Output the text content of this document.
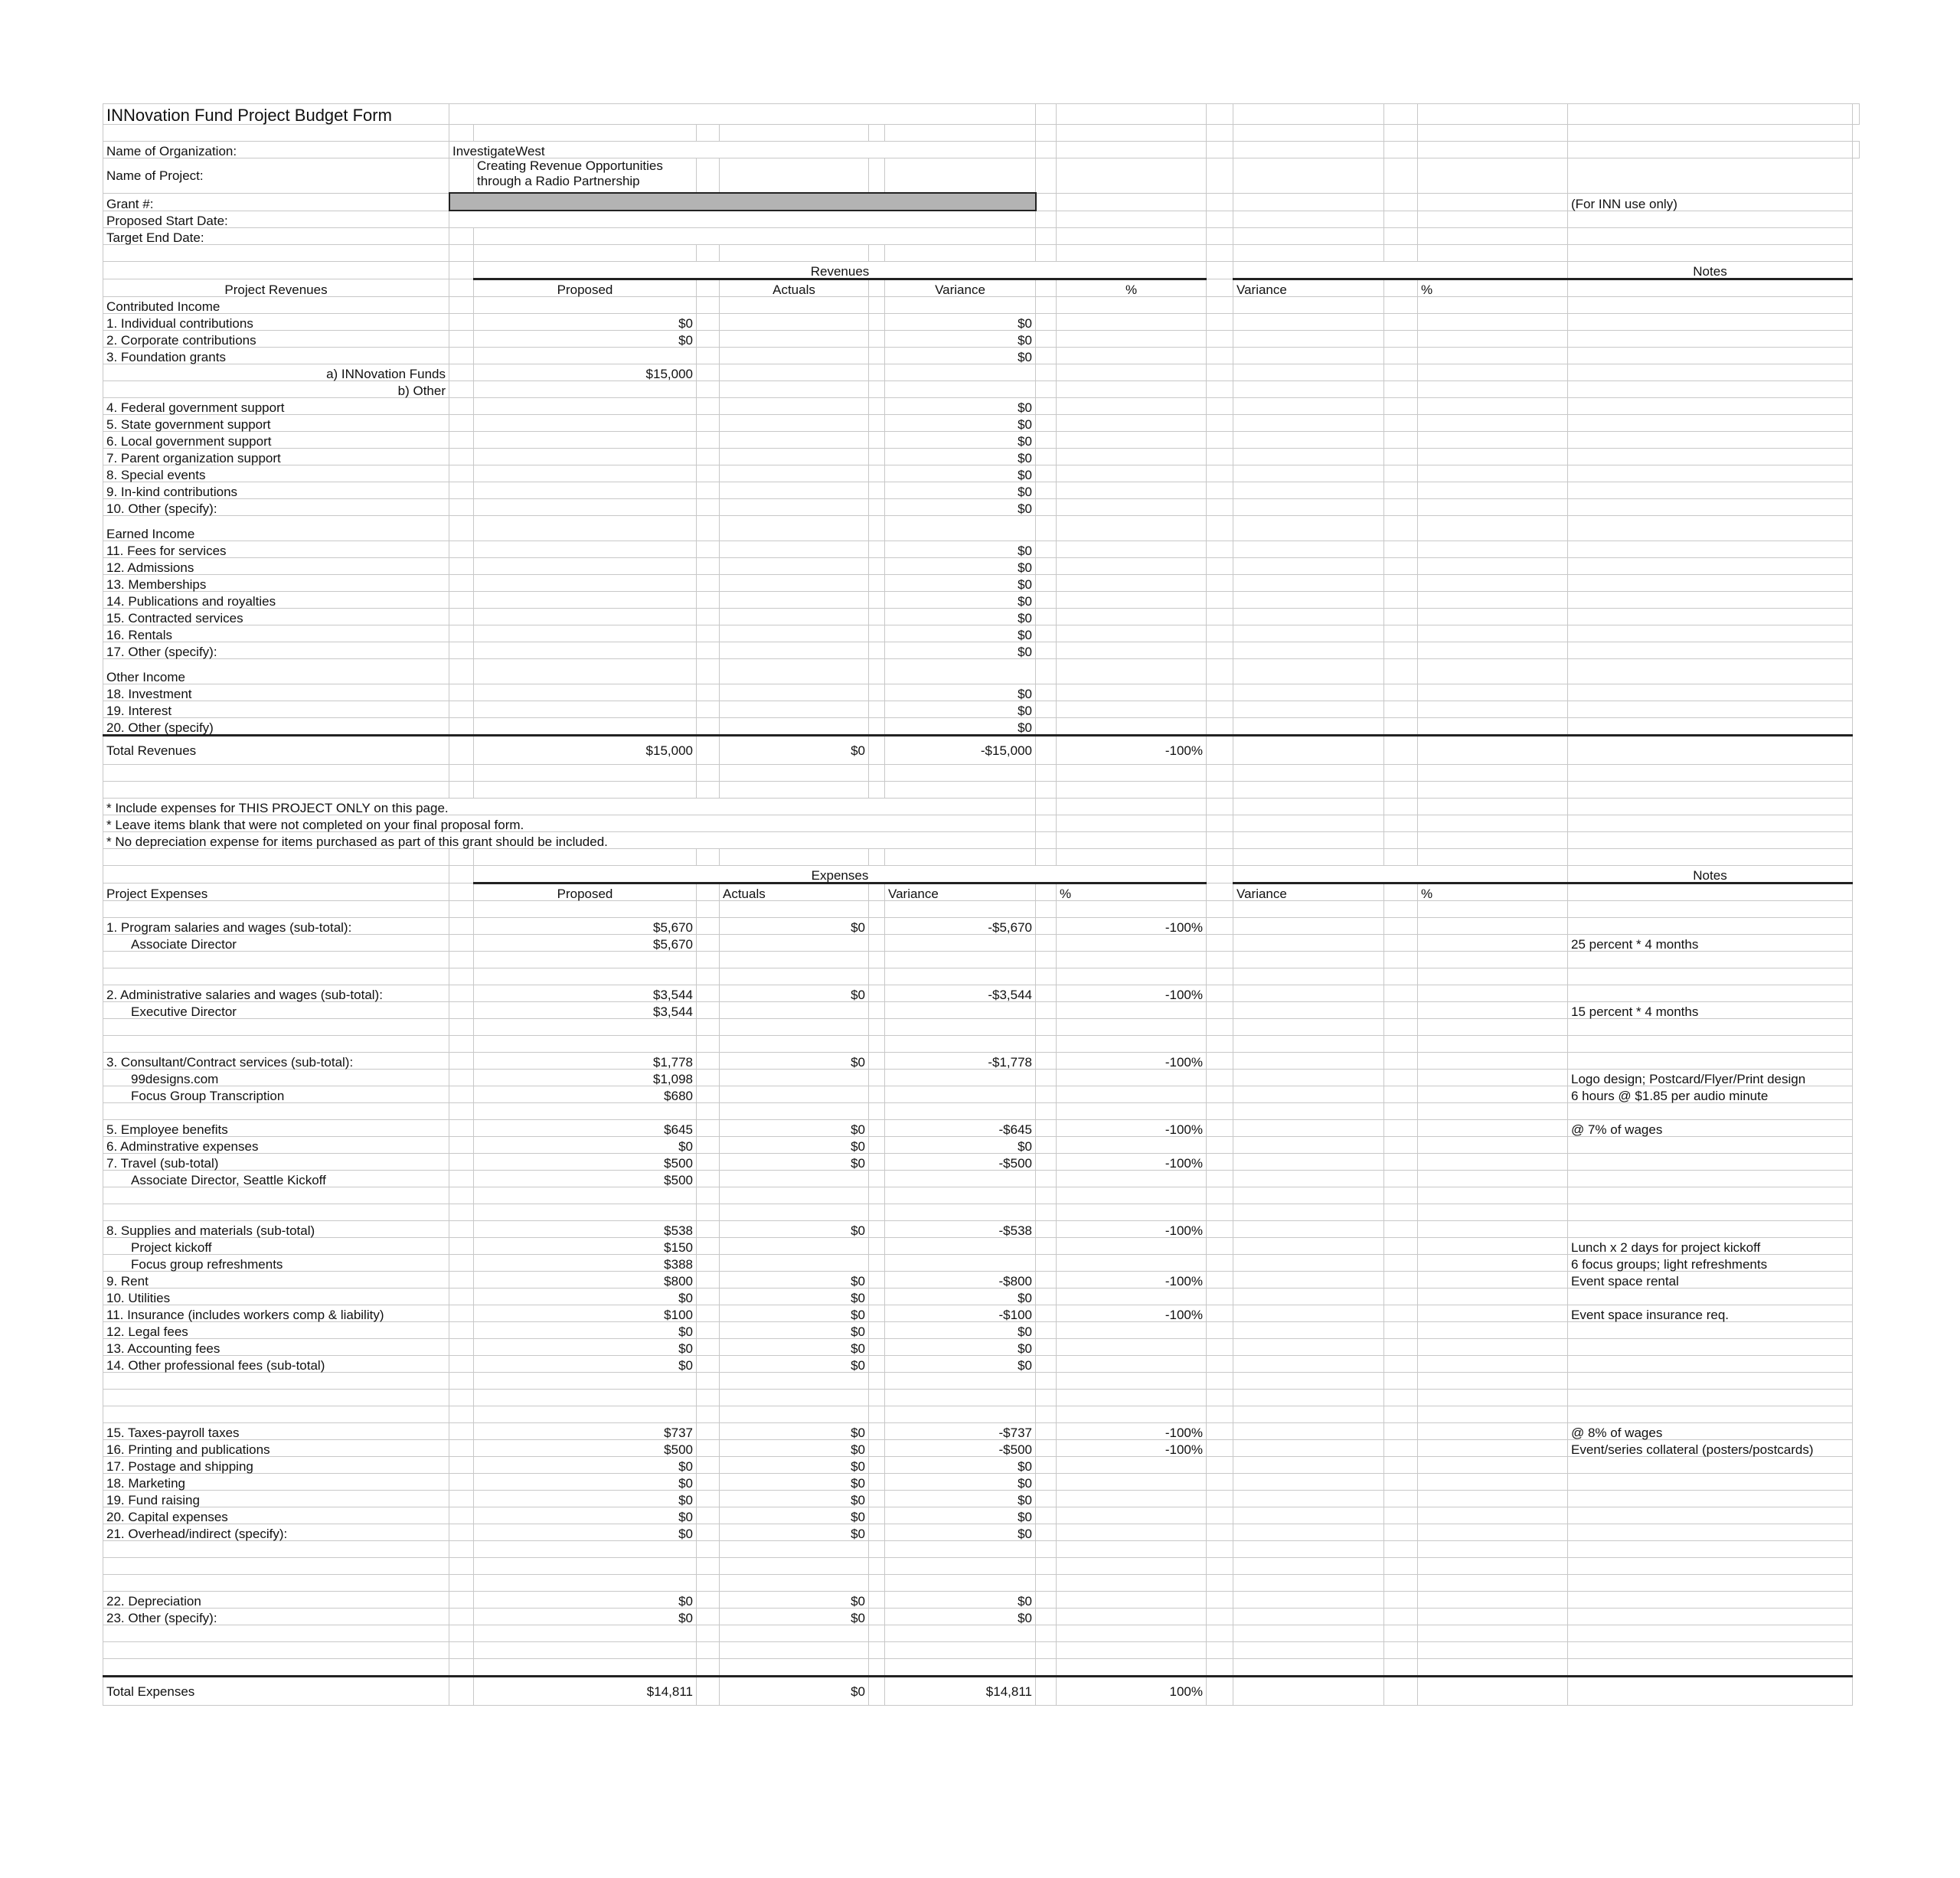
INNovation Fund Project Budget Form														

Name of Organization:	InvestigateWest													
Name of Project:		Creating Revenue Opportunities through a Radio Partnership												
Grant #:													(For INN use only)	
Proposed Start Date:														
Target End Date:														

		Revenues											Notes	
Project Revenues		Proposed		Actuals		Variance		%		Variance		%		
Contributed Income														
1. Individual contributions		$0				$0								
2. Corporate contributions		$0				$0								
3. Foundation grants						$0								
a) INNovation Funds		$15,000												
b) Other														
4. Federal government support						$0								
5. State government support						$0								
6. Local government support						$0								
7. Parent organization support						$0								
8. Special events						$0								
9. In-kind contributions						$0								
10. Other (specify):						$0								
Earned Income														
11. Fees for services						$0								
12. Admissions						$0								
13. Memberships						$0								
14. Publications and royalties						$0								
15. Contracted services						$0								
16. Rentals						$0								
17. Other (specify):						$0								
Other Income														
18. Investment						$0								
19. Interest						$0								
20. Other (specify)						$0								
Total Revenues		$15,000		$0		-$15,000		-100%						

* Include expenses for THIS PROJECT ONLY on this page.														
* Leave items blank that were not completed on your final proposal form.														
* No depreciation expense for items purchased as part of this grant should be included.														

		Expenses											Notes	
Project Expenses		Proposed		Actuals		Variance		%		Variance		%		

1. Program salaries and wages (sub-total):		$5,670		$0		-$5,670		-100%						
Associate Director		$5,670											25 percent * 4 months	

2. Administrative salaries and wages (sub-total):		$3,544		$0		-$3,544		-100%						
Executive Director		$3,544											15 percent * 4 months	

3. Consultant/Contract services (sub-total):		$1,778		$0		-$1,778		-100%						
99designs.com		$1,098											Logo design; Postcard/Flyer/Print design	
Focus Group Transcription		$680											6 hours @ $1.85 per audio minute	

5. Employee benefits		$645		$0		-$645		-100%					@ 7% of wages	
6. Adminstrative expenses		$0		$0		$0								
7. Travel (sub-total)		$500		$0		-$500		-100%						
Associate Director, Seattle Kickoff		$500												

8. Supplies and materials (sub-total)		$538		$0		-$538		-100%						
Project kickoff		$150											Lunch x 2 days for project kickoff	
Focus group refreshments		$388											6 focus groups; light refreshments	
9. Rent		$800		$0		-$800		-100%					Event space rental	
10. Utilities		$0		$0		$0								
11. Insurance (includes workers comp & liability)		$100		$0		-$100		-100%					Event space insurance req.	
12. Legal fees		$0		$0		$0								
13. Accounting fees		$0		$0		$0								
14. Other professional fees (sub-total)		$0		$0		$0								

15. Taxes-payroll taxes		$737		$0		-$737		-100%					@ 8% of wages	
16. Printing and publications		$500		$0		-$500		-100%					Event/series collateral (posters/postcards)	
17. Postage and shipping		$0		$0		$0								
18. Marketing		$0		$0		$0								
19. Fund raising		$0		$0		$0								
20. Capital expenses		$0		$0		$0								
21. Overhead/indirect (specify):		$0		$0		$0								

22. Depreciation		$0		$0		$0								
23. Other (specify):		$0		$0		$0								

Total Expenses		$14,811		$0		$14,811		100%						
